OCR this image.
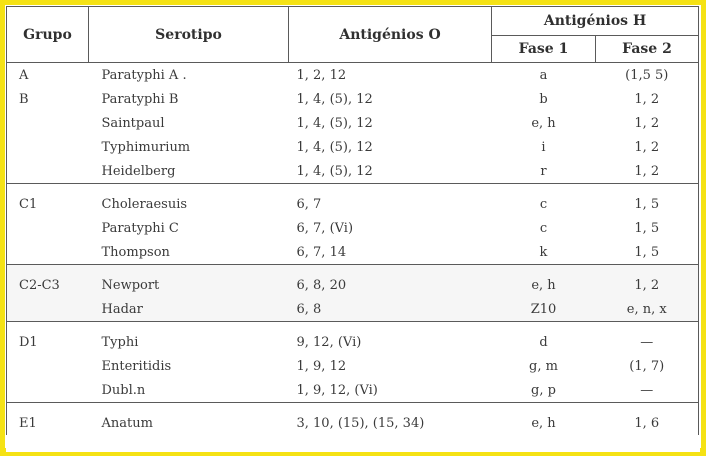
Grupo	Serotipo	Antigénios O	Antigénios H	
			Fase 1	Fase 2
A	Paratyphi A .	1, 2, 12	a	(1,5 5)
B	Paratyphi B	1, 4, (5), 12	b	1, 2
	Saintpaul	1, 4, (5), 12	e, h	1, 2
	Typhimurium	1, 4, (5), 12	i	1, 2
	Heidelberg	1, 4, (5), 12	r	1, 2
C1	Choleraesuis	6, 7	c	1, 5
	Paratyphi C	6, 7, (Vi)	c	1, 5
	Thompson	6, 7, 14	k	1, 5
C2-C3	Newport	6, 8, 20	e, h	1, 2
	Hadar	6, 8	Z10	e, n, x
D1	Typhi	9, 12, (Vi)	d	—
	Enteritidis	1, 9, 12	g, m	(1, 7)
	Dubl.n	1, 9, 12, (Vi)	g, p	—
E1	Anatum	3, 10, (15), (15, 34)	e, h	1, 6
